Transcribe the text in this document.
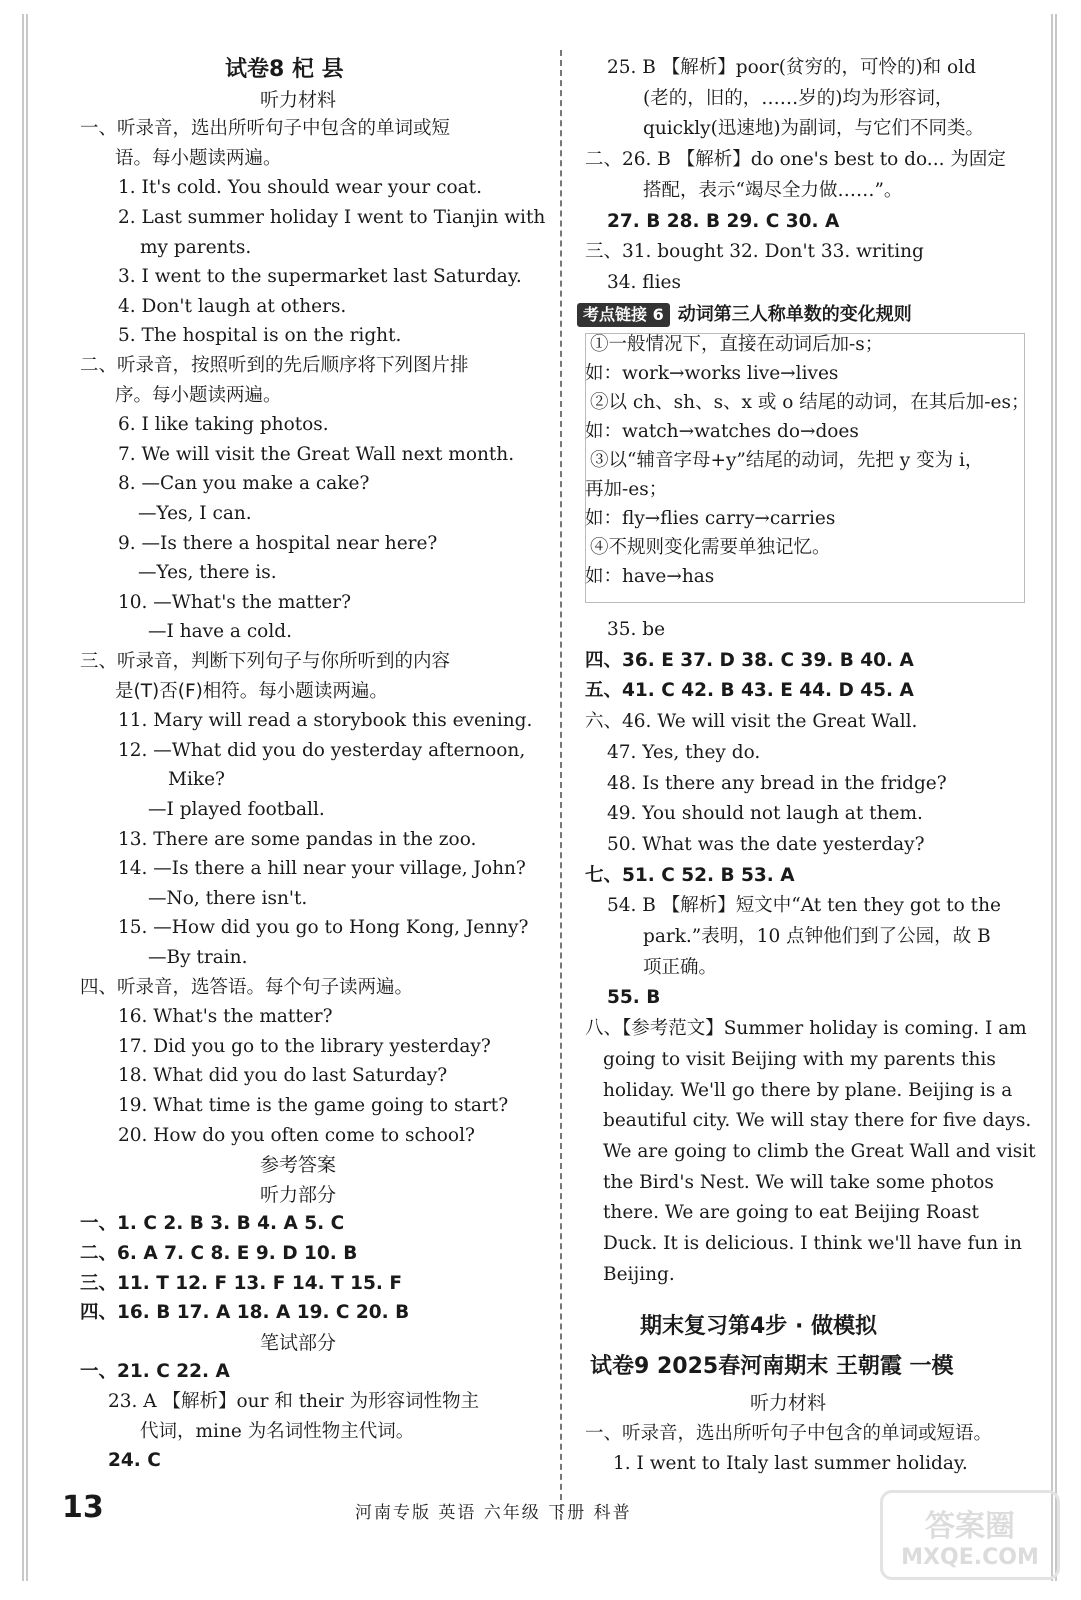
试卷8 杞 县
听力材料
一、听录音，选出所听句子中包含的单词或短
语。每小题读两遍。
1. It's cold. You should wear your coat.
2. Last summer holiday I went to Tianjin with
my parents.
3. I went to the supermarket last Saturday.
4. Don't laugh at others.
5. The hospital is on the right.
二、听录音，按照听到的先后顺序将下列图片排
序。每小题读两遍。
6. I like taking photos.
7. We will visit the Great Wall next month.
8. —Can you make a cake?
—Yes, I can.
9. —Is there a hospital near here?
—Yes, there is.
10. —What's the matter?
—I have a cold.
三、听录音，判断下列句子与你所听到的内容
是(T)否(F)相符。每小题读两遍。
11. Mary will read a storybook this evening.
12. —What did you do yesterday afternoon,
Mike?
—I played football.
13. There are some pandas in the zoo.
14. —Is there a hill near your village, John?
—No, there isn't.
15. —How did you go to Hong Kong, Jenny?
—By train.
四、听录音，选答语。每个句子读两遍。
16. What's the matter?
17. Did you go to the library yesterday?
18. What did you do last Saturday?
19. What time is the game going to start?
20. How do you often come to school?
参考答案
听力部分
一、1. C 2. B 3. B 4. A 5. C
二、6. A 7. C 8. E 9. D 10. B
三、11. T 12. F 13. F 14. T 15. F
四、16. B 17. A 18. A 19. C 20. B
笔试部分
一、21. C 22. A
23. A 【解析】our 和 their 为形容词性物主
代词，mine 为名词性物主代词。
24. C
考点链接 6 动词第三人称单数的变化规则
25. B 【解析】poor(贫穷的，可怜的)和 old
(老的，旧的，……岁的)均为形容词，
quickly(迅速地)为副词，与它们不同类。
二、26. B 【解析】do one's best to do... 为固定
搭配，表示“竭尽全力做……”。
27. B 28. B 29. C 30. A
三、31. bought 32. Don't 33. writing
34. flies
①一般情况下，直接在动词后加-s；
如：work→works live→lives
②以 ch、sh、s、x 或 o 结尾的动词，在其后加-es；
如：watch→watches do→does
③以“辅音字母+y”结尾的动词，先把 y 变为 i，
再加-es；
如：fly→flies carry→carries
④不规则变化需要单独记忆。
如：have→has
35. be
四、36. E 37. D 38. C 39. B 40. A
五、41. C 42. B 43. E 44. D 45. A
六、46. We will visit the Great Wall.
47. Yes, they do.
48. Is there any bread in the fridge?
49. You should not laugh at them.
50. What was the date yesterday?
七、51. C 52. B 53. A
54. B 【解析】短文中“At ten they got to the
park.”表明，10 点钟他们到了公园，故 B
项正确。
55. B
八、【参考范文】Summer holiday is coming. I am
going to visit Beijing with my parents this
holiday. We'll go there by plane. Beijing is a
beautiful city. We will stay there for five days.
We are going to climb the Great Wall and visit
the Bird's Nest. We will take some photos
there. We are going to eat Beijing Roast
Duck. It is delicious. I think we'll have fun in
Beijing.
期末复习第4步 · 做模拟
试卷9 2025春河南期末 王朝霞 一模
听力材料
一、听录音，选出所听句子中包含的单词或短语。
1. I went to Italy last summer holiday.
13	河南专版 英语 六年级 下册 科普	答案圈
MXQE.COM
